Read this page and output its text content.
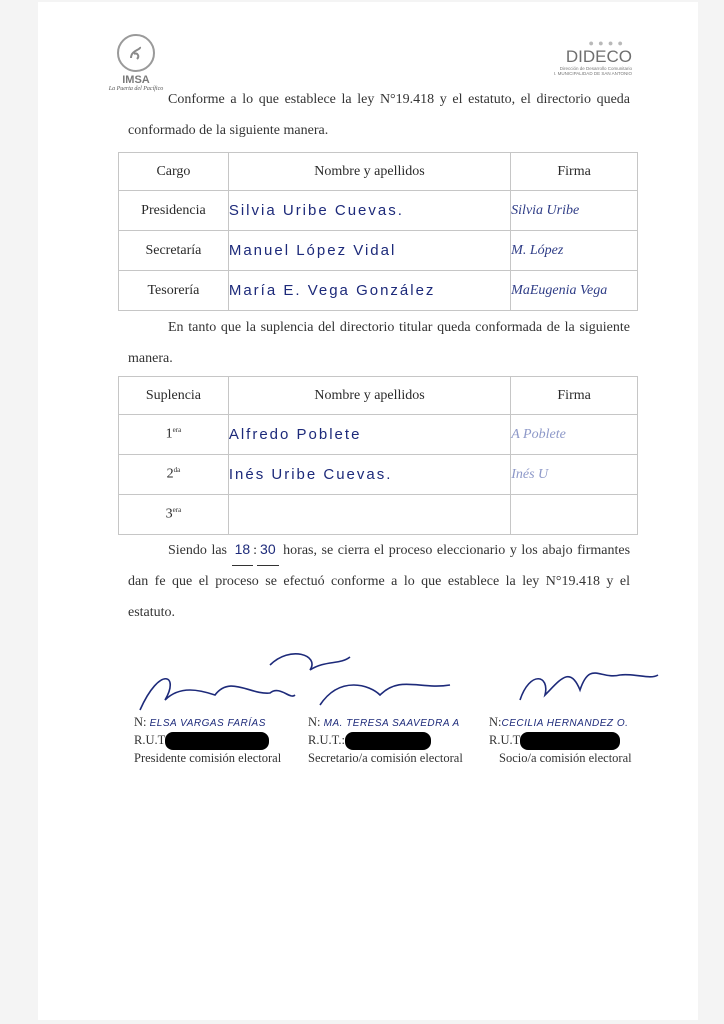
IMSA
La Puerta del Pacífico
● ● ● ●
DIDECO
Dirección de Desarrollo Comunitario
I. MUNICIPALIDAD DE SAN ANTONIO
Conforme a lo que establece la ley N°19.418 y el estatuto, el directorio queda conformado de la siguiente manera.
Cargo	Nombre y apellidos	Firma
Presidencia	Silvia Uribe Cuevas.	Silvia Uribe
Secretaría	Manuel López Vidal	M. López
Tesorería	María E. Vega González	MaEugenia Vega
En tanto que la suplencia del directorio titular queda conformada de la siguiente manera.
Suplencia	Nombre y apellidos	Firma
$1^{era}$	Alfredo Poblete	A Poblete
$2^{da}$	Inés Uribe Cuevas.	Inés U
$3^{era}$		
Siendo las 18 : 30 horas, se cierra el proceso eleccionario y los abajo firmantes dan fe que el proceso se efectuó conforme a lo que establece la ley N°19.418 y el estatuto.
N: ELSA VARGAS FARÍAS
R.U.T
Presidente comisión electoral
N: MA. TERESA SAAVEDRA A
R.U.T.:
Secretario/a comisión electoral
N:CECILIA HERNANDEZ O.
R.U.T
Socio/a comisión electoral
